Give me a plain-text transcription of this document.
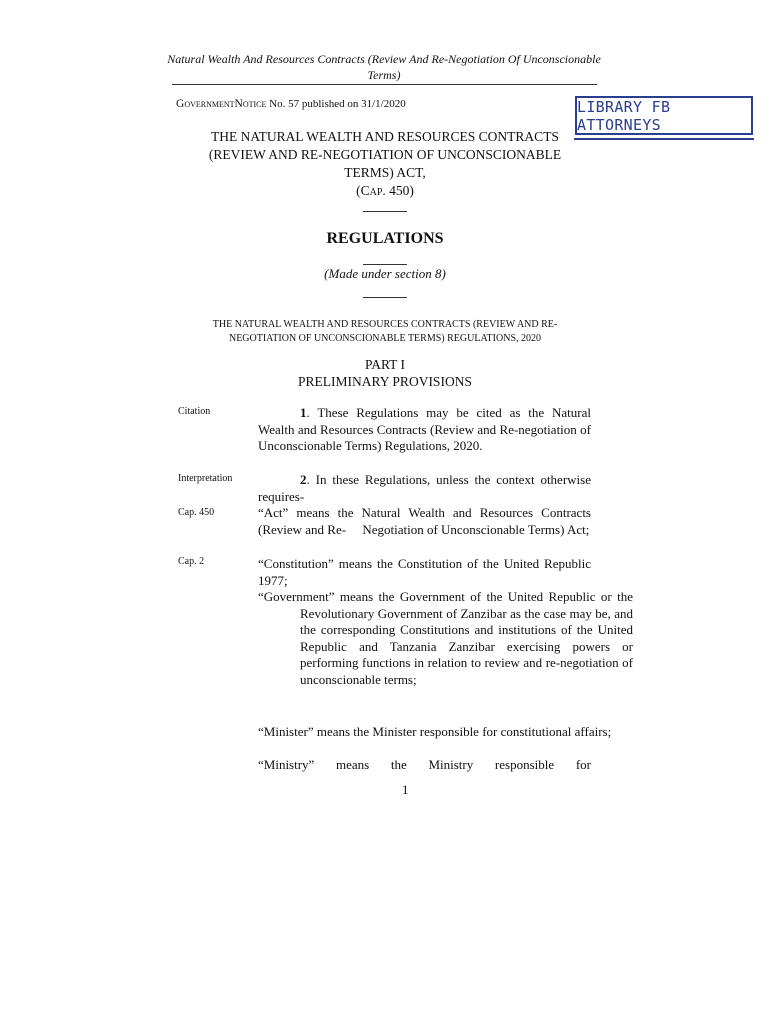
Natural Wealth And Resources Contracts (Review And Re-Negotiation Of Unconscionable Terms)
GOVERNMENTNOTICE No. 57 published on 31/1/2020	LIBRARY FB ATTORNEYS
THE NATURAL WEALTH AND RESOURCES CONTRACTS
(REVIEW AND RE-NEGOTIATION OF UNCONSCIONABLE
TERMS) ACT,
(CAP. 450)
REGULATIONS
(Made under section 8)
THE NATURAL WEALTH AND RESOURCES CONTRACTS (REVIEW AND RE-
NEGOTIATION OF UNCONSCIONABLE TERMS) REGULATIONS, 2020
PART I
PRELIMINARY PROVISIONS
Citation
Interpretation
Cap. 450
Cap. 2
1. These Regulations may be cited as the Natural Wealth and Resources Contracts (Review and Re-negotiation of Unconscionable Terms) Regulations, 2020.
2. In these Regulations, unless the context otherwise requires-
“Act” means the Natural Wealth and Resources Contracts (Review and Re-     Negotiation of Unconscionable Terms) Act;
“Constitution” means the Constitution of the United Republic 1977;
“Government” means the Government of the United Republic or the Revolutionary Government of Zanzibar as the case may be, and the corresponding Constitutions and institutions of the United Republic and Tanzania Zanzibar exercising powers or performing functions in relation to review and re-negotiation of unconscionable terms;
“Minister” means the Minister responsible for constitutional affairs;
“Ministry” means the Ministry responsible for
1
